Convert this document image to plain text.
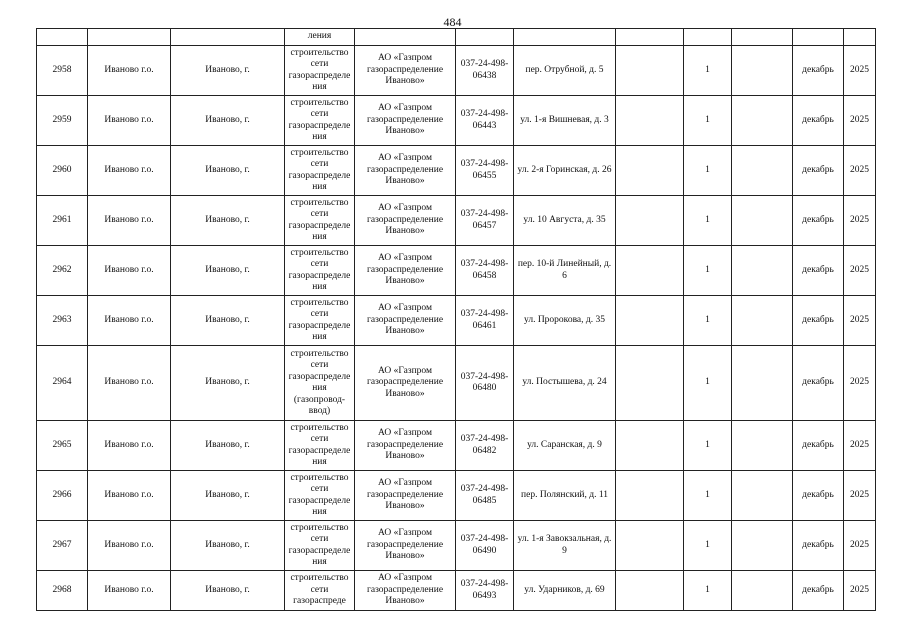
484
			ления								
2958	Иваново г.о.	Иваново, г.	строительство сети газораспределения	АО «Газпром газораспределение Иваново»	037-24-498-06438	пер. Отрубной, д. 5		1		декабрь	2025
2959	Иваново г.о.	Иваново, г.	строительство сети газораспределения	АО «Газпром газораспределение Иваново»	037-24-498-06443	ул. 1-я Вишневая, д. 3		1		декабрь	2025
2960	Иваново г.о.	Иваново, г.	строительство сети газораспределения	АО «Газпром газораспределение Иваново»	037-24-498-06455	ул. 2-я Горинская, д. 26		1		декабрь	2025
2961	Иваново г.о.	Иваново, г.	строительство сети газораспределения	АО «Газпром газораспределение Иваново»	037-24-498-06457	ул. 10 Августа, д. 35		1		декабрь	2025
2962	Иваново г.о.	Иваново, г.	строительство сети газораспределения	АО «Газпром газораспределение Иваново»	037-24-498-06458	пер. 10-й Линейный, д. 6		1		декабрь	2025
2963	Иваново г.о.	Иваново, г.	строительство сети газораспределения	АО «Газпром газораспределение Иваново»	037-24-498-06461	ул. Пророкова, д. 35		1		декабрь	2025
2964	Иваново г.о.	Иваново, г.	строительство сети газораспределения (газопровод-ввод)	АО «Газпром газораспределение Иваново»	037-24-498-06480	ул. Постышева, д. 24		1		декабрь	2025
2965	Иваново г.о.	Иваново, г.	строительство сети газораспределения	АО «Газпром газораспределение Иваново»	037-24-498-06482	ул. Саранская, д. 9		1		декабрь	2025
2966	Иваново г.о.	Иваново, г.	строительство сети газораспределения	АО «Газпром газораспределение Иваново»	037-24-498-06485	пер. Полянский, д. 11		1		декабрь	2025
2967	Иваново г.о.	Иваново, г.	строительство сети газораспределения	АО «Газпром газораспределение Иваново»	037-24-498-06490	ул. 1-я Завокзальная, д. 9		1		декабрь	2025
2968	Иваново г.о.	Иваново, г.	строительство сети газораспреде	АО «Газпром газораспределение Иваново»	037-24-498-06493	ул. Ударников, д. 69		1		декабрь	2025
